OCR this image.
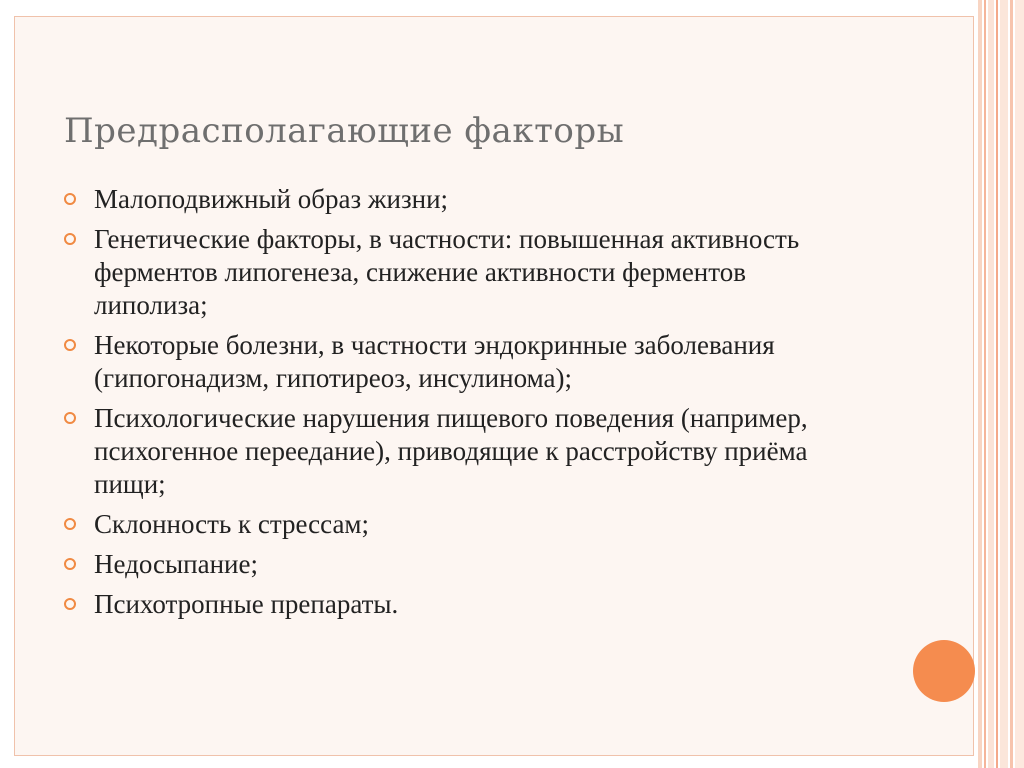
Предрасполагающие факторы
Малоподвижный образ жизни;
Генетические факторы, в частности: повышенная активность ферментов липогенеза, снижение активности ферментов липолиза;
Некоторые болезни, в частности эндокринные заболевания (гипогонадизм, гипотиреоз, инсулинома);
Психологические нарушения пищевого поведения (например, психогенное переедание), приводящие к расстройству приёма пищи;
Склонность к стрессам;
Недосыпание;
Психотропные препараты.
